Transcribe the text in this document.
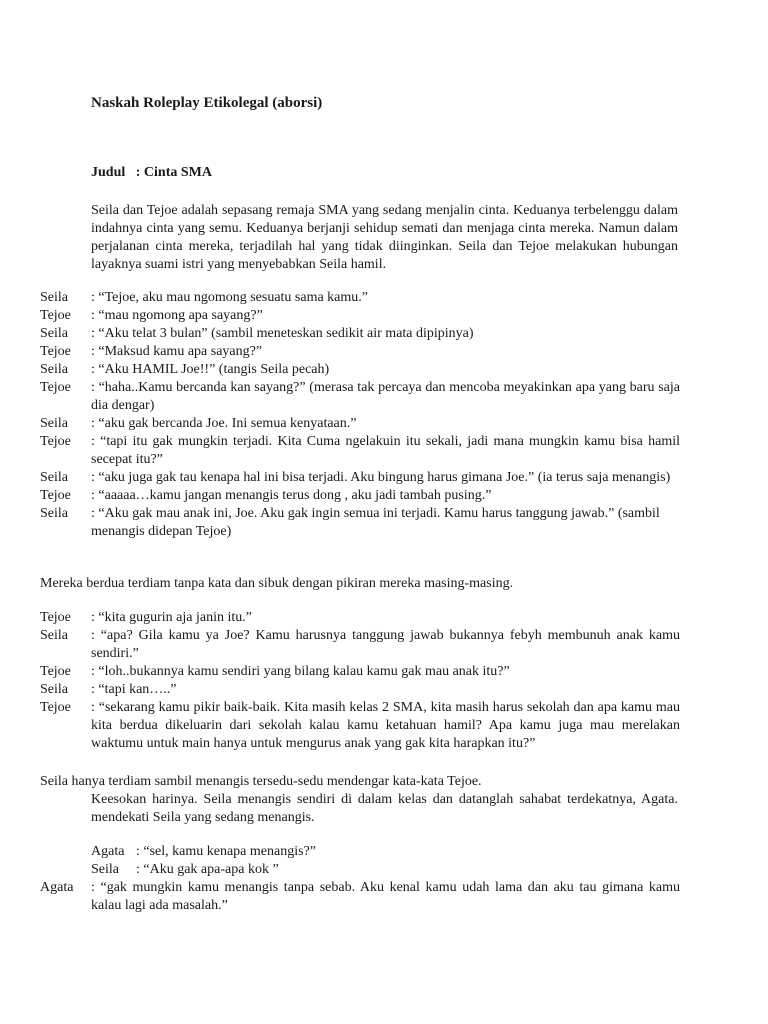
Naskah Roleplay Etikolegal (aborsi)
Judul   : Cinta SMA

Seila dan Tejoe adalah sepasang remaja SMA yang sedang menjalin cinta. Keduanya terbelenggu dalam indahnya cinta yang semu. Keduanya berjanji sehidup semati dan menjaga cinta mereka. Namun dalam perjalanan cinta mereka, terjadilah hal yang tidak diinginkan. Seila dan Tejoe melakukan hubungan layaknya suami istri yang menyebabkan Seila hamil.

Seila	: “Tejoe, aku mau ngomong sesuatu sama kamu.”
Tejoe	: “mau ngomong apa sayang?”
Seila	: “Aku telat 3 bulan” (sambil meneteskan sedikit air mata dipipinya)
Tejoe	: “Maksud kamu apa sayang?”
Seila	: “Aku HAMIL Joe!!” (tangis Seila pecah)
Tejoe	: “haha..Kamu bercanda kan sayang?” (merasa tak percaya dan mencoba meyakinkan apa yang baru saja dia dengar)
Seila	: “aku gak bercanda Joe. Ini semua kenyataan.”
Tejoe	: “tapi itu gak mungkin terjadi. Kita Cuma ngelakuin itu sekali, jadi mana mungkin kamu bisa hamil secepat itu?”
Seila	: “aku juga gak tau kenapa hal ini bisa terjadi. Aku bingung harus gimana Joe.” (ia terus saja menangis)
Tejoe	: “aaaaa…kamu jangan menangis terus dong , aku jadi tambah pusing.”
Seila	: “Aku gak mau anak ini, Joe. Aku gak ingin semua ini terjadi. Kamu harus tanggung jawab.” (sambil menangis didepan Tejoe)

Mereka berdua terdiam tanpa kata dan sibuk dengan pikiran mereka masing-masing.

Tejoe	: “kita gugurin aja janin itu.”
Seila	: “apa? Gila kamu ya Joe? Kamu harusnya tanggung jawab bukannya febyh membunuh anak kamu sendiri.”
Tejoe	: “loh..bukannya kamu sendiri yang bilang kalau kamu gak mau anak itu?”
Seila	: “tapi kan…..”
Tejoe	: “sekarang kamu pikir baik-baik. Kita masih kelas 2 SMA, kita masih harus sekolah dan apa kamu mau kita berdua dikeluarin dari sekolah kalau kamu ketahuan hamil? Apa kamu juga mau merelakan waktumu untuk main hanya untuk mengurus anak yang gak kita harapkan itu?”

Seila hanya terdiam sambil menangis tersedu-sedu mendengar kata-kata Tejoe.

Keesokan harinya. Seila menangis sendiri di dalam kelas dan datanglah sahabat terdekatnya, Agata. mendekati Seila yang sedang menangis.

Agata : “sel, kamu kenapa menangis?”
Seila	: “Aku gak apa-apa kok ”
Agata	: “gak mungkin kamu menangis tanpa sebab. Aku kenal kamu udah lama dan aku tau gimana kamu kalau lagi ada masalah.”
